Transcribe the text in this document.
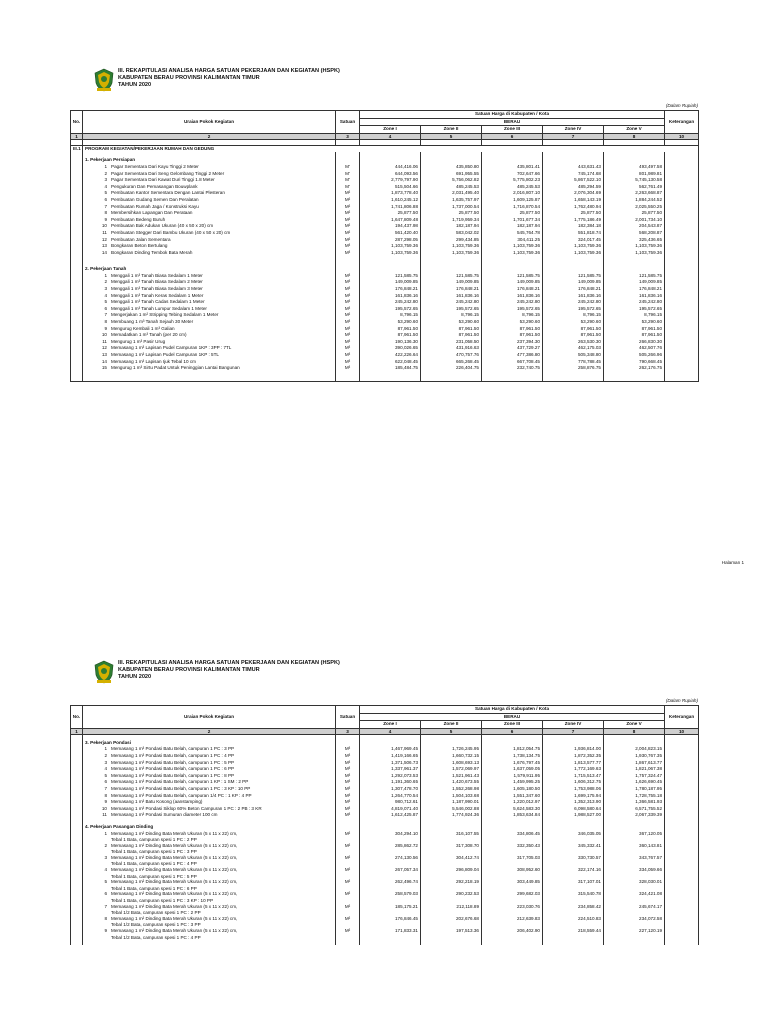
III. REKAPITULASI ANALISA HARGA SATUAN PEKERJAAN DAN KEGIATAN (HSPK)
KABUPATEN BERAU PROVINSI KALIMANTAN TIMUR
TAHUN 2020
(Dalam Rupiah)
No.	Uraian Pokok Kegiatan	Satuan	Satuan Harga di Kabupaten / Kota					Keterangan
			BERAU					
			Zone I	Zone II	Zone III	Zone IV	Zone V	
1	2	3	4	5	6	7	8	10

III.1	PROGRAM KEGIATAN/PEKERJAAN RUMAH DAN GEDUNG							

	1. Pekerjaan Persiapan							
	1 Pagar Sementara Dari Kayu Tinggi 2 Meter	M'	444,416.06	435,850.80	435,801.41	443,631.43	493,497.58	
	2 Pagar Sementara Dari Seng Gelombang Tinggi 2 Meter	M'	644,093.56	691,955.55	702,647.66	745,174.68	801,989.81	
	3 Pagar Sementara Dari Kawat Duri Tinggi 1.8 Meter	M'	2,779,797.90	5,756,062.82	5,775,802.23	5,867,522.10	5,745,130.58	
	4 Pengukuran Dan Pemasangan Bouwplank	M'	515,504.66	485,245.53	485,245.53	485,294.59	562,761.49	
	5 Pembuatan Kantor Sementara Dengan Lantai Plesteran	M²	1,873,778.40	2,031,495.40	2,016,807.10	2,076,304.69	2,263,668.87	
	6 Pembuatan Gudang Semen Dan Peralatan	M²	1,610,245.12	1,635,757.97	1,609,125.87	1,658,143.19	1,884,244.52	
	7 Pembuatan Rumah Jaga / Konstruksi Kayu	M²	1,741,806.88	1,737,000.54	1,716,870.54	1,762,480.94	2,025,550.25	
	8 Membersihkan Lapangan Dan Perataan	M²	25,877.50	25,877.50	25,877.50	25,877.50	25,877.50	
	9 Pembuatan Bedeng Buruh	M²	1,647,809.48	1,719,959.34	1,701,677.34	1,775,186.49	2,001,734.10	
	10 Pembuatan Bak Adukan Ukuran (40 x 50 x 20) cm	M²	194,437.98	182,187.94	182,187.94	182,384.18	204,543.87	
	11 Pembuatan Stegger Dari Bambu Ukuran (40 x 50 x 20) cm	M²	561,420.40	583,042.02	545,764.78	551,818.74	568,208.87	
	12 Pembuatan Jalan Sementara	M²	287,298.05	299,434.85	304,411.25	324,017.45	325,436.65	
	13 Bongkaran Beton Bertulang	M³	1,103,759.36	1,103,759.36	1,103,759.36	1,103,759.36	1,103,759.36	
	14 Bongkaran Dinding Tembok Bata Merah	M³	1,103,759.36	1,103,759.36	1,103,759.36	1,103,759.36	1,103,759.36	

	2. Pekerjaan Tanah							
	1 Menggali 1 m³ Tanah Biasa Sedalam 1 Meter	M³	121,585.75	121,585.75	121,585.75	121,585.75	121,585.75	
	2 Menggali 1 m³ Tanah Biasa Sedalam 2 Meter	M³	149,009.85	149,009.85	149,009.85	149,009.85	149,009.85	
	3 Menggali 1 m³ Tanah Biasa Sedalam 3 Meter	M³	176,848.21	176,848.21	176,848.21	176,848.21	176,848.21	
	4 Menggali 1 m³ Tanah Keras Sedalam 1 Meter	M³	161,836.16	161,836.16	161,836.16	161,836.16	161,836.16	
	5 Menggali 1 m³ Tanah Cadas Sedalam 1 Meter	M³	245,242.80	245,242.80	245,242.80	245,242.80	245,242.80	
	6 Menggali 1 m³ Tanah Lumpur Sedalam 1 Meter	M³	195,572.65	195,572.65	195,572.65	195,572.65	195,572.65	
	7 Mengerjakan 1 m² Stripping Tebing Sedalam 1 Meter	M²	8,796.15	8,796.15	8,796.15	8,796.15	8,796.15	
	8 Membuang 1 m³ Tanah Sejauh 30 Meter	M³	53,290.60	53,290.60	53,290.60	53,290.60	53,290.60	
	9 Mengurug Kembali 1 m³ Galian	M³	87,961.50	87,961.50	87,961.50	87,961.50	87,961.50	
	10 Memadatkan 1 m³ Tanah (per 20 cm)	M³	87,961.50	87,961.50	87,961.50	87,961.50	87,961.50	
	11 Mengurug 1 m³ Pasir Urug	M³	190,136.30	231,058.50	237,394.30	263,530.30	266,830.30	
	12 Memasang 1 m³ Lapisan Pudel Campuran 1KP : 3PP : 7TL	M³	390,026.65	431,916.63	437,729.27	462,175.03	462,507.76	
	13 Memasang 1 m³ Lapisan Pudel Campuran 1KP : 5TL	M³	422,226.64	470,757.76	477,386.80	505,348.80	505,266.96	
	14 Memasang 1 m³ Lapisan Ijuk Tebal 10 cm	M³	622,048.45	665,268.45	667,708.45	778,788.45	790,668.45	
	15 Mengurug 1 m³ Sirtu Padat Untuk Peninggian Lantai Bangunan	M³	185,484.75	226,404.75	232,740.75	258,876.75	262,176.75	

Halaman 1
III. REKAPITULASI ANALISA HARGA SATUAN PEKERJAAN DAN KEGIATAN (HSPK)
KABUPATEN BERAU PROVINSI KALIMANTAN TIMUR
TAHUN 2020
(Dalam Rupiah)
No.	Uraian Pokok Kegiatan	Satuan	Satuan Harga di Kabupaten / Kota					Keterangan
			BERAU					
			Zone I	Zone II	Zone III	Zone IV	Zone V	
1	2	3	4	5	6	7	8	10

	3. Pekerjaan Pondasi							
	1 Memasang 1 m³ Pondasi Batu Belah, campuran 1 PC : 3 PP	M³	1,467,969.45	1,726,245.95	1,812,054.75	1,936,814.00	2,004,823.15	
	2 Memasang 1 m³ Pondasi Batu Belah, campuran 1 PC : 4 PP	M³	1,419,166.65	1,660,732.15	1,738,134.75	1,872,352.35	1,930,767.35	
	3 Memasang 1 m³ Pondasi Batu Belah, campuran 1 PC : 5 PP	M³	1,371,506.73	1,608,693.13	1,676,797.45	1,813,577.77	1,867,613.77	
	4 Memasang 1 m³ Pondasi Batu Belah, campuran 1 PC : 6 PP	M³	1,337,961.37	1,572,069.97	1,637,059.05	1,772,169.63	1,821,067.38	
	5 Memasang 1 m³ Pondasi Batu Belah, campuran 1 PC : 8 PP	M³	1,292,073.53	1,521,961.43	1,579,911.95	1,715,513.47	1,757,324.47	
	6 Memasang 1 m³ Pondasi Batu Belah, campuran 1 KP : 1 SM : 2 PP	M³	1,191,360.65	1,420,673.55	1,459,995.25	1,606,312.75	1,626,690.45	
	7 Memasang 1 m³ Pondasi Batu Belah, campuran 1 PC : 3 KP : 10 PP	M³	1,307,478.70	1,552,268.98	1,605,180.50	1,753,988.06	1,780,187.95	
	8 Memasang 1 m³ Pondasi Batu Belah, campuran 1/4 PC : 1 KP : 4 PP	M³	1,264,770.54	1,504,103.68	1,551,347.60	1,699,175.94	1,728,755.18	
	9 Memasang 1 m³ Batu Kosong (aanstamping)	M³	980,712.61	1,187,990.01	1,220,012.97	1,352,313.90	1,366,581.93	
	10 Memasang 1 m³ Pondasi Siklop 60% Beton Campuran 1 PC : 2 PB : 3 KR	M³	4,819,071.40	5,546,002.88	5,624,583.30	6,098,580.64	6,571,755.52	
	11 Memasang 1 m³ Pondasi Sumuran diameter 100 cm	M³	1,612,425.87	1,774,924.36	1,853,634.84	1,988,527.00	2,067,339.39	

	4. Pekerjaan Pasangan Dinding							
	1 Memasang 1 m² Dinding Bata Merah Ukuran (5 x 11 x 22) cm,	M²	304,294.10	316,107.55	334,806.45	346,035.05	367,120.05	
	Tebal 1 Bata, campuran spesi 1 PC : 2 PP							
	2 Memasang 1 m² Dinding Bata Merah Ukuran (5 x 11 x 22) cm,	M²	285,862.72	317,308.70	332,350.43	345,332.41	360,143.81	
	Tebal 1 Bata, campuran spesi 1 PC : 3 PP							
	3 Memasang 1 m² Dinding Bata Merah Ukuran (5 x 11 x 22) cm,	M²	274,130.56	304,412.74	317,705.03	330,730.57	343,767.57	
	Tebal 1 Bata, campuran spesi 1 PC : 4 PP							
	4 Memasang 1 m² Dinding Bata Merah Ukuran (5 x 11 x 22) cm,	M²	267,057.34	296,809.04	308,952.60	322,174.16	334,059.66	
	Tebal 1 Bata, campuran spesi 1 PC : 5 PP							
	5 Memasang 1 m² Dinding Bata Merah Ukuran (5 x 11 x 22) cm,	M²	262,496.74	292,218.19	303,449.85	317,107.01	328,030.01	
	Tebal 1 Bata, campuran spesi 1 PC : 6 PP							
	6 Memasang 1 m² Dinding Bata Merah Ukuran (5 x 11 x 22) cm,	M²	258,579.03	290,232.53	299,682.03	315,540.78	324,421.08	
	Tebal 1 Bata, campuran spesi 1 PC : 3 KP : 10 PP							
	7 Memasang 1 m² Dinding Bata Merah Ukuran (5 x 11 x 22) cm,	M²	185,175.21	212,118.89	223,030.76	234,858.42	245,674.17	
	Tebal 1/2 Bata, campuran spesi 1 PC : 2 PP							
	8 Memasang 1 m² Dinding Bata Merah Ukuran (5 x 11 x 22) cm,	M²	176,846.45	202,676.68	212,639.83	224,510.83	234,072.58	
	Tebal 1/2 Bata, campuran spesi 1 PC : 3 PP							
	9 Memasang 1 m² Dinding Bata Merah Ukuran (5 x 11 x 22) cm,	M²	171,833.31	197,513.36	206,402.90	218,559.44	227,120.19	
	Tebal 1/2 Bata, campuran spesi 1 PC : 4 PP							
